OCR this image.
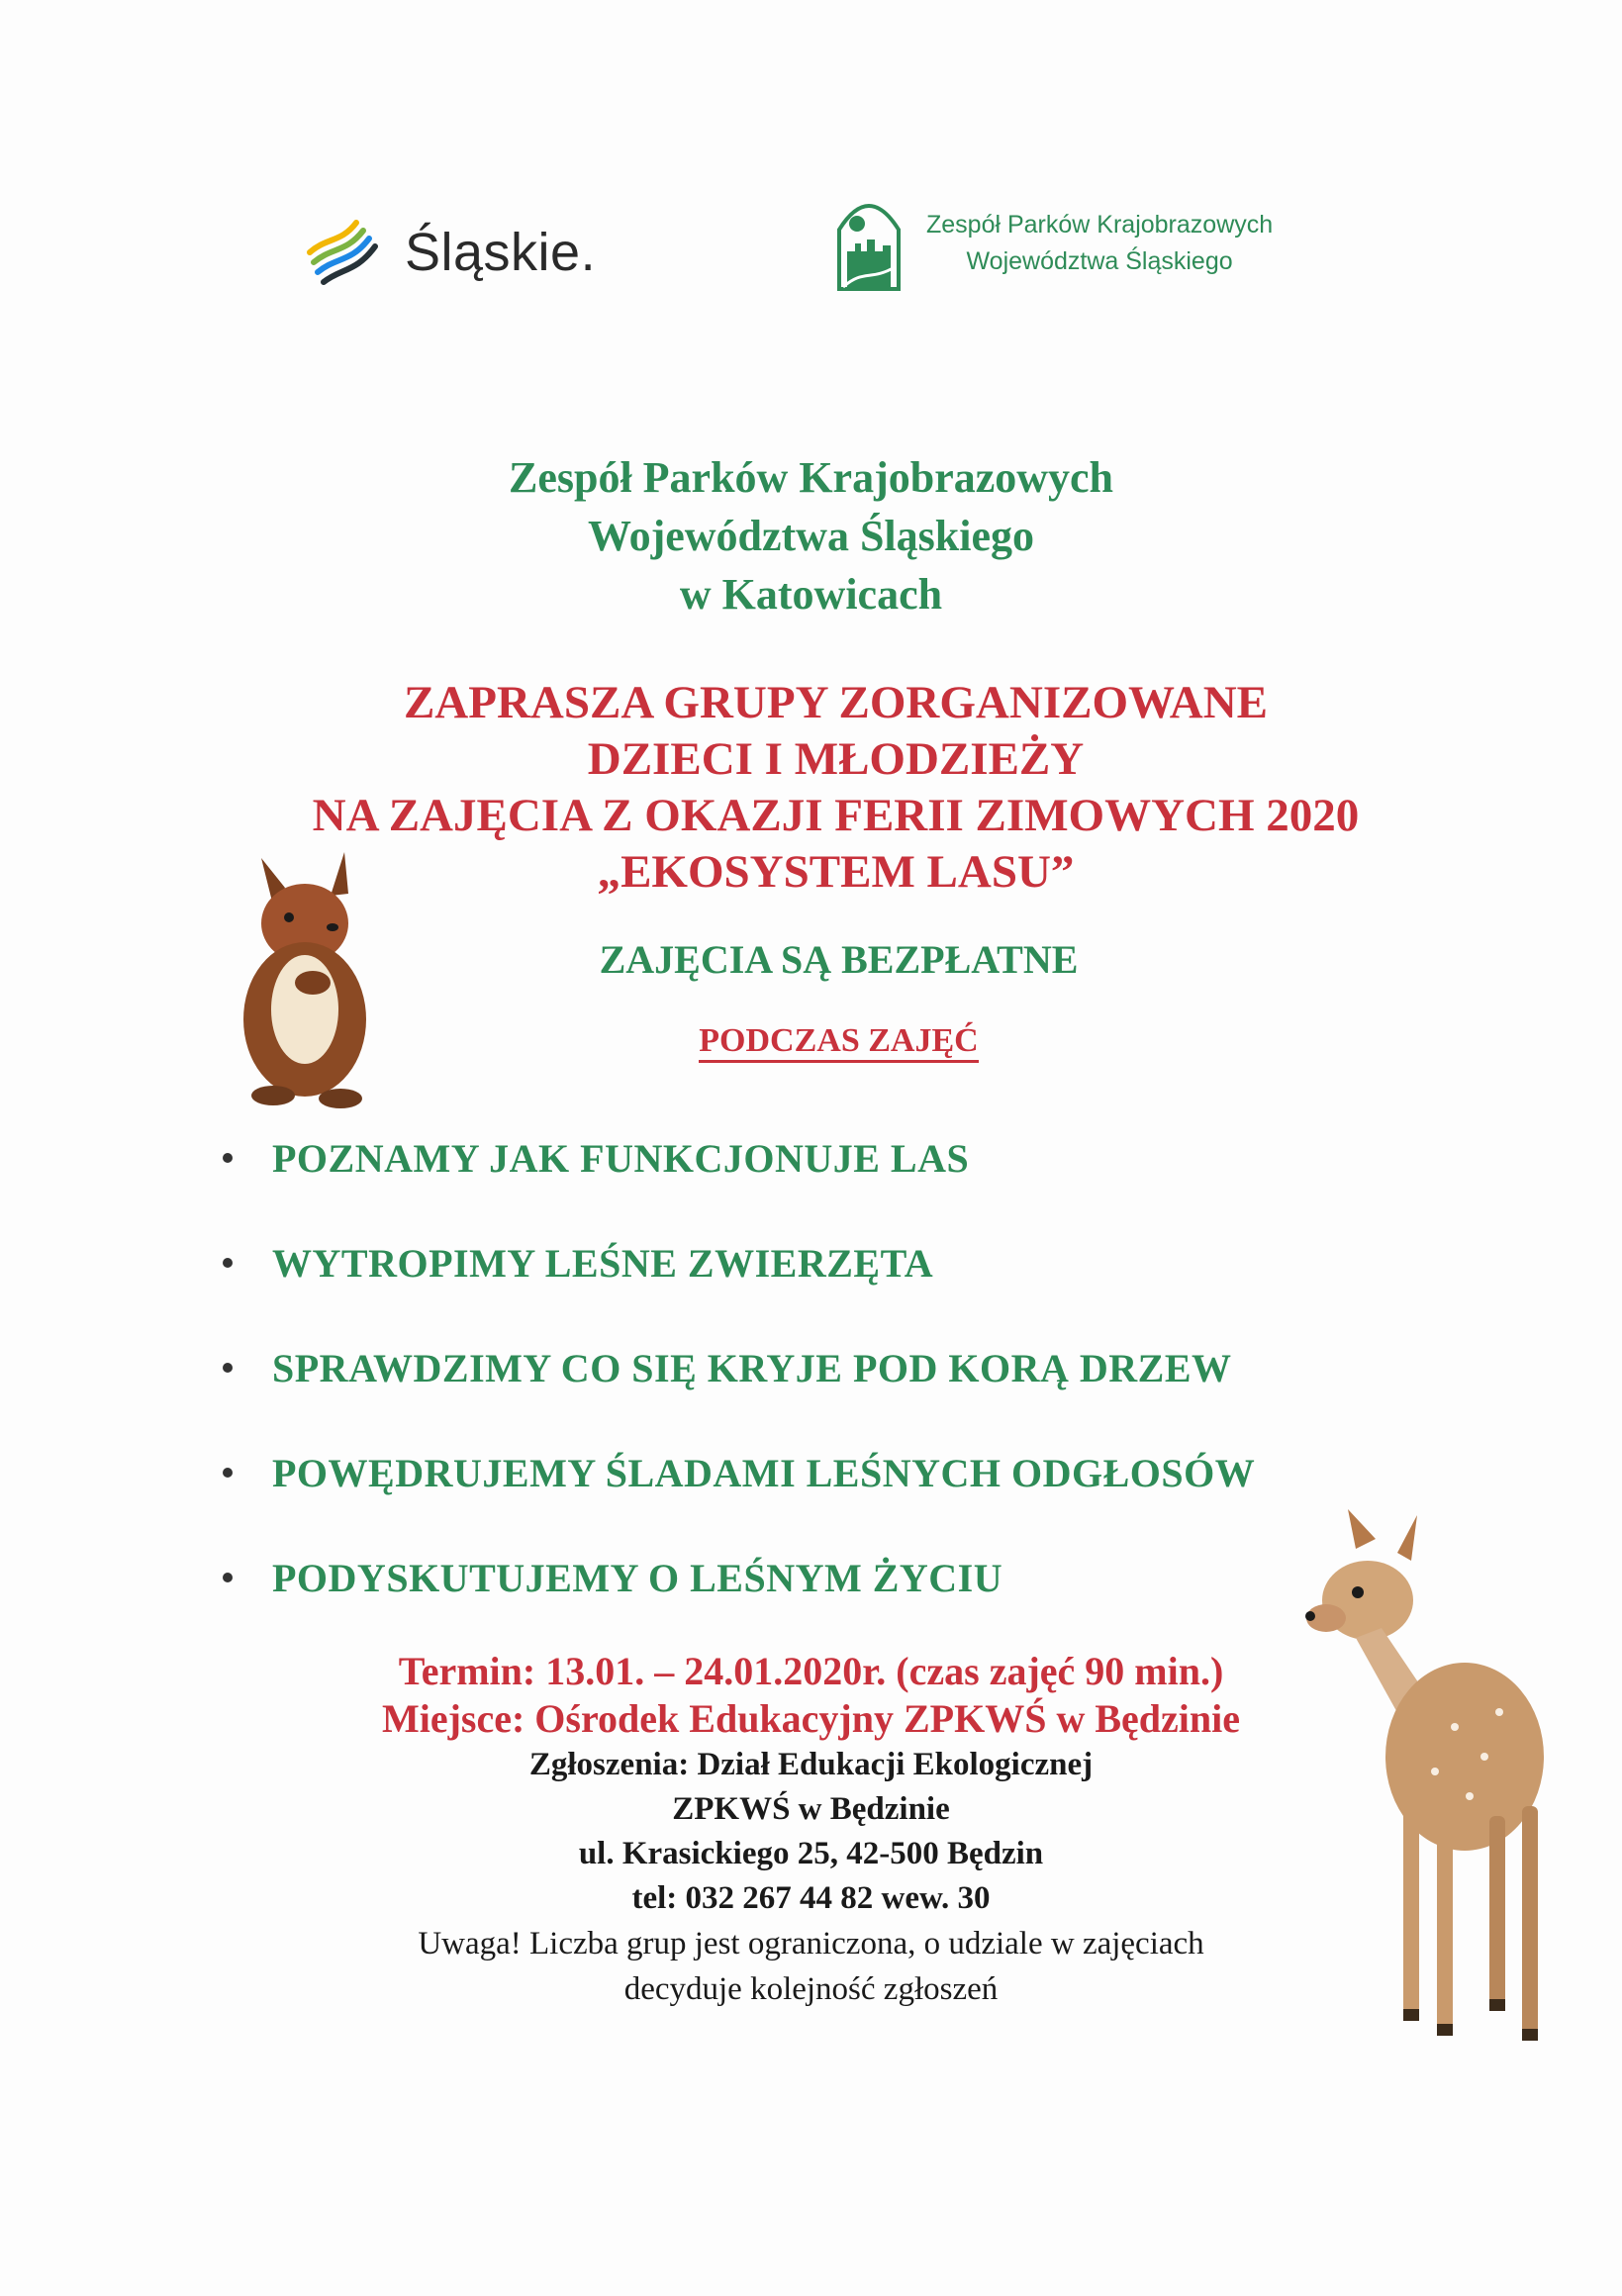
Śląskie.	Zespół Parków Krajobrazowych
Województwa Śląskiego
Zespół Parków Krajobrazowych
Województwa Śląskiego
w Katowicach
ZAPRASZA GRUPY ZORGANIZOWANE
DZIECI I MŁODZIEŻY
NA ZAJĘCIA Z OKAZJI FERII ZIMOWYCH 2020
„EKOSYSTEM LASU”
ZAJĘCIA SĄ BEZPŁATNE
PODCZAS ZAJĘĆ
POZNAMY JAK FUNKCJONUJE LAS
WYTROPIMY LEŚNE ZWIERZĘTA
SPRAWDZIMY CO SIĘ KRYJE POD KORĄ DRZEW
POWĘDRUJEMY ŚLADAMI LEŚNYCH ODGŁOSÓW
PODYSKUTUJEMY O LEŚNYM ŻYCIU
Termin: 13.01. – 24.01.2020r. (czas zajęć 90 min.)
Miejsce: Ośrodek Edukacyjny ZPKWŚ w Będzinie
Zgłoszenia: Dział Edukacji Ekologicznej
ZPKWŚ w Będzinie
ul. Krasickiego 25, 42-500 Będzin
tel: 032 267 44 82 wew. 30
Uwaga! Liczba grup jest ograniczona, o udziale w zajęciach
decyduje kolejność zgłoszeń
